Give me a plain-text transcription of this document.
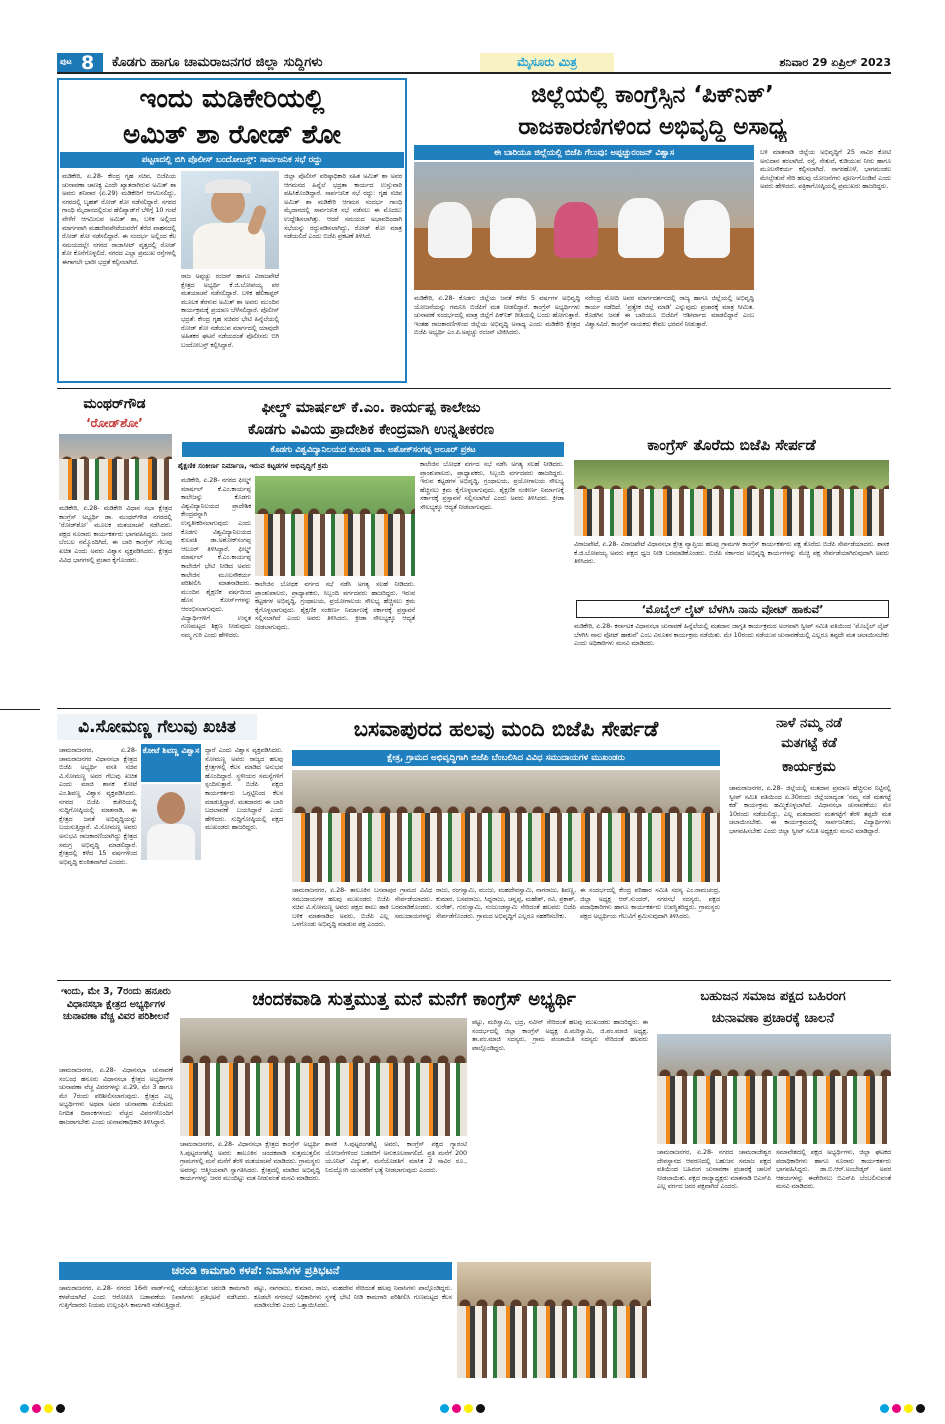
ಪುಟ 8 ಕೊಡಗು ಹಾಗೂ ಚಾಮರಾಜನಗರ ಜಿಲ್ಲಾ ಸುದ್ದಿಗಳು	ಮೈಸೂರು ಮಿತ್ರ	ಶನಿವಾರ 29 ಏಪ್ರಿಲ್ 2023
ಇಂದು ಮಡಿಕೇರಿಯಲ್ಲಿ
ಅಮಿತ್ ಶಾ ರೋಡ್ ಶೋ
ಪಟ್ಟಣದಲ್ಲಿ ಬಿಗಿ ಪೊಲೀಸ್ ಬಂದೋಬಸ್ತ್: ಸಾರ್ವಜನಿಕ ಸಭೆ ರದ್ದು
ಮಡಿಕೇರಿ, ಏ.28- ಕೇಂದ್ರ ಗೃಹ ಸಚಿವ, ಬಿಜೆಪಿಯ ಚುನಾವಣಾ ಚಾಣಕ್ಯ ಎಂದೇ ಖ್ಯಾತರಾಗಿರುವ ಅಮಿತ್ ಶಾ ಅವರು ಶನಿವಾರ (ಏ.29) ಮಡಿಕೇರಿಗೆ ಆಗಮಿಸಲಿದ್ದು, ನಗರದಲ್ಲಿ ಬೃಹತ್ ರೋಡ್ ಶೋ ನಡೆಸಲಿದ್ದಾರೆ. ನಗರದ ಗಾಂಧಿ ಮೈದಾನದಲ್ಲಿರುವ ಹೆಲಿಪ್ಯಾಡ್‌ಗೆ ಬೆಳಿಗ್ಗೆ 10 ಗಂಟೆ ವೇಳೆಗೆ ಆಗಮಿಸುವ ಅಮಿತ್ ಶಾ, ಬಳಿಕ ಅಲ್ಲಿಂದ ಮಾರ್ಗವಾಗಿ ಮಹದೇವಪೇಟೆಯವರೆಗೆ ತೆರೆದ ವಾಹನದಲ್ಲಿ ರೋಡ್ ಶೋ ನಡೆಸಲಿದ್ದಾರೆ. ಈ ಸಂದರ್ಭ ಅಲ್ಲಿಂದ ಕೆಲ ಸಮಯದಲ್ಲೇ ನಗರದ ರಾಜಾಸೀಟ್ ವೃತ್ತದಲ್ಲಿ ರೋಡ್ ಶೋ ಕೊನೆಗೊಳ್ಳಲಿದೆ. ನಗರದ ಎಲ್ಲಾ ಪ್ರಮುಖ ರಸ್ತೆಗಳಲ್ಲಿ ಈಗಾಗಲೇ ಭಾರೀ ಭದ್ರತೆ ಕಲ್ಪಿಸಲಾಗಿದೆ.
ರಾಜ ಅಪ್ಪಚ್ಚು ರಂಜನ್ ಹಾಗೂ ವಿರಾಜಪೇಟೆ ಕ್ಷೇತ್ರದ ಅಭ್ಯರ್ಥಿ ಕೆ.ಜಿ.ಬೋಪಯ್ಯ ಪರ ಮತಯಾಚನೆ ನಡೆಸಲಿದ್ದಾರೆ. ಬಳಿಕ ಹೆಲಿಕಾಪ್ಟರ್ ಮೂಲಕ ತೆರಳುವ ಅಮಿತ್ ಶಾ ಅವರು ಮುಂದಿನ ಕಾರ್ಯಕ್ರಮಕ್ಕೆ ಪ್ರಯಾಣ ಬೆಳೆಸಲಿದ್ದಾರೆ. ಪೊಲೀಸ್ ಭದ್ರತೆ: ಕೇಂದ್ರ ಗೃಹ ಸಚಿವರ ಭೇಟಿ ಹಿನ್ನೆಲೆಯಲ್ಲಿ ರೋಡ್ ಶೋ ನಡೆಯುವ ಮಾರ್ಗದಲ್ಲಿ ಯಾವುದೇ ಅಹಿತಕರ ಘಟನೆ ನಡೆಯದಂತೆ ಪೊಲೀಸರು ಬಿಗಿ ಬಂದೋಬಸ್ತ್ ಕಲ್ಪಿಸಿದ್ದಾರೆ.
ಜಿಲ್ಲಾ ಪೊಲೀಸ್ ವರಿಷ್ಠಾಧಿಕಾರಿ ಸಹಿತ ಅಮಿತ್ ಶಾ ಅವರ ಆಗಮನದ ಹಿನ್ನೆಲೆ ಭದ್ರತಾ ಕಾರ್ಯದ ಉಸ್ತುವಾರಿ ವಹಿಸಿಕೊಂಡಿದ್ದಾರೆ. ಸಾರ್ವಜನಿಕ ಸಭೆ ರದ್ದು: ಗೃಹ ಸಚಿವ ಅಮಿತ್ ಶಾ ಮಡಿಕೇರಿ ಆಗಮನ ಸಂದರ್ಭ ಗಾಂಧಿ ಮೈದಾನದಲ್ಲಿ ಸಾರ್ವಜನಿಕ ಸಭೆ ನಡೆಸಲು ಈ ಮೊದಲು ಉದ್ದೇಶಿಸಲಾಗಿತ್ತು. ಆದರೆ ಸಮಯದ ಅಭಾವದಿಂದಾಗಿ ಸಭೆಯನ್ನು ರದ್ದುಪಡಿಸಲಾಗಿದ್ದು, ರೋಡ್ ಶೋ ಮಾತ್ರ ನಡೆಯಲಿದೆ ಎಂದು ಬಿಜೆಪಿ ಪ್ರಕಟಣೆ ತಿಳಿಸಿದೆ.
ಜಿಲ್ಲೆಯಲ್ಲಿ ಕಾಂಗ್ರೆಸ್ಸಿನ ‘ಪಿಕ್‌ನಿಕ್’
ರಾಜಕಾರಣಿಗಳಿಂದ ಅಭಿವೃದ್ಧಿ ಅಸಾಧ್ಯ
ಈ ಬಾರಿಯೂ ಜಿಲ್ಲೆಯಲ್ಲಿ ಬಿಜೆಪಿ ಗೆಲುವು: ಅಪ್ಪಚ್ಚುರಂಜನ್ ವಿಶ್ವಾಸ
ಮಡಿಕೇರಿ, ಏ.28- ಕೊಡಗು ಜಿಲ್ಲೆಯ ಜನತೆ ಕಳೆದ 5 ವರ್ಷಗಳ ಅಭಿವೃದ್ಧಿ ಯೋಜನೆಯನ್ನು ಗಮನಿಸಿ ಬಿಜೆಪಿಗೆ ಮತ ನೀಡಲಿದ್ದಾರೆ. ಕಾಂಗ್ರೆಸ್ ಅಭ್ಯರ್ಥಿಗಳು ಚುನಾವಣೆ ಸಂದರ್ಭದಲ್ಲಿ ಮಾತ್ರ ಜಿಲ್ಲೆಗೆ ಪಿಕ್‌ನಿಕ್ ರೀತಿಯಲ್ಲಿ ಬಂದು ಹೋಗುತ್ತಾರೆ. ಇಂತಹ ರಾಜಕಾರಣಿಗಳಿಂದ ಜಿಲ್ಲೆಯ ಅಭಿವೃದ್ಧಿ ಅಸಾಧ್ಯ ಎಂದು ಮಡಿಕೇರಿ ಕ್ಷೇತ್ರದ ಬಿಜೆಪಿ ಅಭ್ಯರ್ಥಿ ಎಂ.ಪಿ.ಅಪ್ಪಚ್ಚು ರಂಜನ್ ಟೀಕಿಸಿದರು.
ನರೇಂದ್ರ ಮೋದಿ ಅವರ ಮಾರ್ಗದರ್ಶನದಲ್ಲಿ ರಾಜ್ಯ ಹಾಗೂ ಜಿಲ್ಲೆಯಲ್ಲಿ ಅಭಿವೃದ್ಧಿ ಕಾರ್ಯ ನಡೆದಿದೆ. ‘ಪ್ರತ್ಯೇಕ ಜಿಲ್ಲೆ ಮಾಡಿ’ ಎನ್ನುವುದು ಪ್ರಚಾರಕ್ಕೆ ಮಾತ್ರ ಸೀಮಿತ. ಕೊಡಗಿನ ಜನತೆ ಈ ಬಾರಿಯೂ ಬಿಜೆಪಿಗೆ ಆಶೀರ್ವಾದ ಮಾಡಲಿದ್ದಾರೆ ಎಂಬ ವಿಶ್ವಾಸವಿದೆ. ಕಾಂಗ್ರೆಸ್ ನಾಯಕರು ಕೇವಲ ಭರವಸೆ ನೀಡುತ್ತಾರೆ.
ಬಳಿ ಮಾತನಾಡಿ ಜಿಲ್ಲೆಯ ಅಭಿವೃದ್ಧಿಗೆ 25 ಸಾವಿರ ಕೋಟಿ ಅನುದಾನ ತರಲಾಗಿದೆ. ರಸ್ತೆ, ಸೇತುವೆ, ಕುಡಿಯುವ ನೀರು ಹಾಗೂ ಮೂಲಸೌಕರ್ಯ ಕಲ್ಪಿಸಲಾಗಿದೆ. ನಾಗರಹೊಳೆ, ಭಾಗಮಂಡಲ ಮೇಲ್ಸೇತುವೆ ಸೇರಿ ಹಲವು ಯೋಜನೆಗಳು ಪೂರ್ಣಗೊಂಡಿವೆ ಎಂದು ಅವರು ಹೇಳಿದರು. ಪತ್ರಿಕಾಗೋಷ್ಠಿಯಲ್ಲಿ ಪ್ರಮುಖರು ಹಾಜರಿದ್ದರು.
ಮಂಥರ್‌ಗೌಡ
‘ರೋಡ್‌ಶೋ’
ಮಡಿಕೇರಿ, ಏ.28- ಮಡಿಕೇರಿ ವಿಧಾನ ಸಭಾ ಕ್ಷೇತ್ರದ ಕಾಂಗ್ರೆಸ್ ಅಭ್ಯರ್ಥಿ ಡಾ. ಮಂಥರ್‌ಗೌಡ ನಗರದಲ್ಲಿ ‘ರೋಡ್‌ಶೋ’ ಮೂಲಕ ಮತಯಾಚನೆ ನಡೆಸಿದರು. ಪಕ್ಷದ ನೂರಾರು ಕಾರ್ಯಕರ್ತರು ಭಾಗವಹಿಸಿದ್ದರು. ಜನರ ಬೆಂಬಲ ನಮ್ಮೊಂದಿಗಿದೆ, ಈ ಬಾರಿ ಕಾಂಗ್ರೆಸ್ ಗೆಲುವು ಖಚಿತ ಎಂದು ಅವರು ವಿಶ್ವಾಸ ವ್ಯಕ್ತಪಡಿಸಿದರು. ಕ್ಷೇತ್ರದ ವಿವಿಧ ಭಾಗಗಳಲ್ಲಿ ಪ್ರಚಾರ ಕೈಗೊಂಡರು.
ಫೀಲ್ಡ್ ಮಾರ್ಷಲ್ ಕೆ.ಎಂ. ಕಾರ್ಯಪ್ಪ ಕಾಲೇಜು
ಕೊಡಗು ವಿವಿಯ ಪ್ರಾದೇಶಿಕ ಕೇಂದ್ರವಾಗಿ ಉನ್ನತೀಕರಣ
ಕೊಡಗು ವಿಶ್ವವಿದ್ಯಾನಿಲಯದ ಕುಲಪತಿ ಡಾ. ಅಶೋಕ್‌ಸಂಗಪ್ಪ ಆಲೂರ್ ಪ್ರಕಟ
ಶೈಕ್ಷಣಿಕ ಸಂಕೀರ್ಣ ನಿರ್ಮಾಣ, ಇರುವ ಕಟ್ಟಡಗಳ ಅಭಿವೃದ್ಧಿಗೆ ಕ್ರಮ
ಮಡಿಕೇರಿ, ಏ.28- ನಗರದ ಫೀಲ್ಡ್ ಮಾರ್ಷಲ್ ಕೆ.ಎಂ.ಕಾರ್ಯಪ್ಪ ಕಾಲೇಜನ್ನು ಕೊಡಗು ವಿಶ್ವವಿದ್ಯಾನಿಲಯದ ಪ್ರಾದೇಶಿಕ ಕೇಂದ್ರವನ್ನಾಗಿ ಉನ್ನತೀಕರಿಸಲಾಗುವುದು ಎಂದು ಕೊಡಗು ವಿಶ್ವವಿದ್ಯಾನಿಲಯದ ಕುಲಪತಿ ಡಾ.ಅಶೋಕ್‌ಸಂಗಪ್ಪ ಆಲೂರ್ ತಿಳಿಸಿದ್ದಾರೆ. ಫೀಲ್ಡ್ ಮಾರ್ಷಲ್ ಕೆ.ಎಂ.ಕಾರ್ಯಪ್ಪ ಕಾಲೇಜಿಗೆ ಭೇಟಿ ನೀಡಿದ ಅವರು ಕಾಲೇಜಿನ ಮೂಲಸೌಕರ್ಯ ಪರಿಶೀಲಿಸಿ ಮಾತನಾಡಿದರು. ಮುಂದಿನ ಶೈಕ್ಷಣಿಕ ವರ್ಷದಿಂದ ಹೊಸ ಕೋರ್ಸ್‌ಗಳನ್ನು ಆರಂಭಿಸಲಾಗುವುದು. ವಿದ್ಯಾರ್ಥಿಗಳಿಗೆ ಉನ್ನತ ಗುಣಮಟ್ಟದ ಶಿಕ್ಷಣ ನೀಡುವುದು ನಮ್ಮ ಗುರಿ ಎಂದು ಹೇಳಿದರು.
ಕಾಲೇಜಿನ ಬೋಧಕ ವರ್ಗದ ಸಭೆ ನಡೆಸಿ ಅಗತ್ಯ ಸಲಹೆ ನೀಡಿದರು. ಪ್ರಾಂಶುಪಾಲರು, ಪ್ರಾಧ್ಯಾಪಕರು, ಸಿಬ್ಬಂದಿ ವರ್ಗದವರು ಹಾಜರಿದ್ದರು. ಇರುವ ಕಟ್ಟಡಗಳ ಅಭಿವೃದ್ಧಿ, ಗ್ರಂಥಾಲಯ, ಪ್ರಯೋಗಾಲಯ ಸೌಲಭ್ಯ ಹೆಚ್ಚಿಸಲು ಕ್ರಮ ಕೈಗೊಳ್ಳಲಾಗುವುದು. ಶೈಕ್ಷಣಿಕ ಸಂಕೀರ್ಣ ನಿರ್ಮಾಣಕ್ಕೆ ಸರ್ಕಾರಕ್ಕೆ ಪ್ರಸ್ತಾವನೆ ಸಲ್ಲಿಸಲಾಗಿದೆ ಎಂದು ಅವರು ತಿಳಿಸಿದರು. ಕ್ರೀಡಾ ಸೌಲಭ್ಯಕ್ಕೂ ಆದ್ಯತೆ ನೀಡಲಾಗುವುದು.
ಕಾಲೇಜಿನ ಬೋಧಕ ವರ್ಗದ ಸಭೆ ನಡೆಸಿ ಅಗತ್ಯ ಸಲಹೆ ನೀಡಿದರು. ಪ್ರಾಂಶುಪಾಲರು, ಪ್ರಾಧ್ಯಾಪಕರು, ಸಿಬ್ಬಂದಿ ವರ್ಗದವರು ಹಾಜರಿದ್ದರು. ಇರುವ ಕಟ್ಟಡಗಳ ಅಭಿವೃದ್ಧಿ, ಗ್ರಂಥಾಲಯ, ಪ್ರಯೋಗಾಲಯ ಸೌಲಭ್ಯ ಹೆಚ್ಚಿಸಲು ಕ್ರಮ ಕೈಗೊಳ್ಳಲಾಗುವುದು. ಶೈಕ್ಷಣಿಕ ಸಂಕೀರ್ಣ ನಿರ್ಮಾಣಕ್ಕೆ ಸರ್ಕಾರಕ್ಕೆ ಪ್ರಸ್ತಾವನೆ ಸಲ್ಲಿಸಲಾಗಿದೆ ಎಂದು ಅವರು ತಿಳಿಸಿದರು. ಕ್ರೀಡಾ ಸೌಲಭ್ಯಕ್ಕೂ ಆದ್ಯತೆ ನೀಡಲಾಗುವುದು.
ಕಾಂಗ್ರೆಸ್ ತೊರೆದು ಬಿಜೆಪಿ ಸೇರ್ಪಡೆ
ವಿರಾಜಪೇಟೆ, ಏ.28- ವಿರಾಜಪೇಟೆ ವಿಧಾನಸಭಾ ಕ್ಷೇತ್ರ ವ್ಯಾಪ್ತಿಯ ಹಲವು ಗ್ರಾಮಗಳ ಕಾಂಗ್ರೆಸ್ ಕಾರ್ಯಕರ್ತರು ಪಕ್ಷ ತೊರೆದು ಬಿಜೆಪಿ ಸೇರ್ಪಡೆಯಾದರು. ಶಾಸಕ ಕೆ.ಜಿ.ಬೋಪಯ್ಯ ಅವರು ಪಕ್ಷದ ಧ್ವಜ ನೀಡಿ ಬರಮಾಡಿಕೊಂಡರು. ಬಿಜೆಪಿ ಸರ್ಕಾರದ ಅಭಿವೃದ್ಧಿ ಕಾರ್ಯಗಳನ್ನು ಮೆಚ್ಚಿ ಪಕ್ಷ ಸೇರ್ಪಡೆಯಾಗಿರುವುದಾಗಿ ಅವರು ತಿಳಿಸಿದರು.
‘ಮೊಬೈಲ್ ಲೈಟ್ ಬೆಳಗಿಸಿ ನಾನು ವೋಟ್ ಹಾಕುವೆ’
ಮಡಿಕೇರಿ, ಏ.28- ಕರ್ನಾಟಕ ವಿಧಾನಸಭಾ ಚುನಾವಣೆ ಹಿನ್ನೆಲೆಯಲ್ಲಿ ಮತದಾನ ಜಾಗೃತಿ ಕಾರ್ಯಕ್ರಮದ ಅಂಗವಾಗಿ ಸ್ವೀಪ್ ಸಮಿತಿ ವತಿಯಿಂದ ‘ಮೊಬೈಲ್ ಲೈಟ್ ಬೆಳಗಿಸಿ ನಾನು ವೋಟ್ ಹಾಕುವೆ’ ಎಂಬ ವಿನೂತನ ಕಾರ್ಯಕ್ರಮ ನಡೆಯಿತು. ಮೇ 10ರಂದು ನಡೆಯುವ ಚುನಾವಣೆಯಲ್ಲಿ ಎಲ್ಲರೂ ತಪ್ಪದೇ ಮತ ಚಲಾಯಿಸಬೇಕು ಎಂದು ಅಧಿಕಾರಿಗಳು ಮನವಿ ಮಾಡಿದರು.
ವಿ.ಸೋಮಣ್ಣ ಗೆಲುವು ಖಚಿತ
ಕೋಟೆ ಶಿವಣ್ಣ ವಿಶ್ವಾಸ
ಚಾಮರಾಜನಗರ, ಏ.28- ಚಾಮರಾಜನಗರ ವಿಧಾನಸಭಾ ಕ್ಷೇತ್ರದ ಬಿಜೆಪಿ ಅಭ್ಯರ್ಥಿ ವಸತಿ ಸಚಿವ ವಿ.ಸೋಮಣ್ಣ ಅವರ ಗೆಲುವು ಖಚಿತ ಎಂದು ಮಾಜಿ ಶಾಸಕ ಕೋಟೆ ಎಂ.ಶಿವಣ್ಣ ವಿಶ್ವಾಸ ವ್ಯಕ್ತಪಡಿಸಿದರು. ನಗರದ ಬಿಜೆಪಿ ಕಚೇರಿಯಲ್ಲಿ ಸುದ್ದಿಗೋಷ್ಠಿಯಲ್ಲಿ ಮಾತನಾಡಿ, ಈ ಕ್ಷೇತ್ರದ ಜನತೆ ಅಭಿವೃದ್ಧಿಯನ್ನು ಬಯಸುತ್ತಿದ್ದಾರೆ. ವಿ.ಸೋಮಣ್ಣ ಅವರು ಅನುಭವಿ ರಾಜಕಾರಣಿಯಾಗಿದ್ದು ಕ್ಷೇತ್ರದ ಸಮಗ್ರ ಅಭಿವೃದ್ಧಿ ಮಾಡಲಿದ್ದಾರೆ. ಕ್ಷೇತ್ರದಲ್ಲಿ ಕಳೆದ 15 ವರ್ಷಗಳಿಂದ ಅಭಿವೃದ್ಧಿ ಕುಂಠಿತವಾಗಿದೆ ಎಂದರು.
ದ್ದಾರೆ ಎಂದು ವಿಶ್ವಾಸ ವ್ಯಕ್ತಪಡಿಸಿದರು. ಸೋಮಣ್ಣ ಅವರು ರಾಜ್ಯದ ಹಲವು ಕ್ಷೇತ್ರಗಳಲ್ಲಿ ಕೆಲಸ ಮಾಡಿದ ಅನುಭವ ಹೊಂದಿದ್ದಾರೆ. ಸ್ಥಳೀಯರ ಸಮಸ್ಯೆಗಳಿಗೆ ಸ್ಪಂದಿಸುತ್ತಾರೆ. ಬಿಜೆಪಿ ಪಕ್ಷದ ಕಾರ್ಯಕರ್ತರು ಒಗ್ಗಟ್ಟಿನಿಂದ ಕೆಲಸ ಮಾಡುತ್ತಿದ್ದಾರೆ. ಮತದಾರರು ಈ ಬಾರಿ ಬದಲಾವಣೆ ಬಯಸಿದ್ದಾರೆ ಎಂದು ಹೇಳಿದರು. ಸುದ್ದಿಗೋಷ್ಠಿಯಲ್ಲಿ ಪಕ್ಷದ ಮುಖಂಡರು ಹಾಜರಿದ್ದರು.
ಬಸವಾಪುರದ ಹಲವು ಮಂದಿ ಬಿಜೆಪಿ ಸೇರ್ಪಡೆ
ಕ್ಷೇತ್ರ, ಗ್ರಾಮದ ಅಭಿವೃದ್ಧಿಗಾಗಿ ಬಿಜೆಪಿ ಬೆಂಬಲಿಸಿದ ವಿವಿಧ ಸಮುದಾಯಗಳ ಮುಖಂಡರು
ಚಾಮರಾಜನಗರ, ಏ.28- ತಾಲೂಕಿನ ಬಸವಾಪುರ ಗ್ರಾಮದ ವಿವಿಧ ಸಮುದಾಯಗಳ ಹಲವು ಮುಖಂಡರು ಬಿಜೆಪಿ ಸೇರ್ಪಡೆಯಾದರು. ಸಚಿವ ವಿ.ಸೋಮಣ್ಣ ಅವರು ಪಕ್ಷದ ಶಾಲು ಹಾಕಿ ಬರಮಾಡಿಕೊಂಡರು. ಬಳಿಕ ಮಾತನಾಡಿದ ಅವರು, ಬಿಜೆಪಿ ಎಲ್ಲ ಸಮುದಾಯಗಳನ್ನು ಒಳಗೊಂಡು ಅಭಿವೃದ್ಧಿ ಮಾಡುವ ಪಕ್ಷ ಎಂದರು.
ರಾಜು, ರಂಗಸ್ವಾಮಿ, ಮಂಜು, ಮಹದೇವಸ್ವಾಮಿ, ನಾಗರಾಜು, ಶಿವಣ್ಣ, ಕುಮಾರ, ಬಸವರಾಜು, ಸಿದ್ದರಾಜು, ಚನ್ನಪ್ಪ, ಮಹೇಶ್, ರವಿ, ಪ್ರಕಾಶ್, ಸುರೇಶ್, ಗುರುಸ್ವಾಮಿ, ನಂಜುಂಡಸ್ವಾಮಿ ಸೇರಿದಂತೆ ಹಲವರು ಬಿಜೆಪಿ ಸೇರ್ಪಡೆಗೊಂಡರು. ಗ್ರಾಮದ ಅಭಿವೃದ್ಧಿಗೆ ಎಲ್ಲರೂ ಸಹಕರಿಸಬೇಕು.
ಈ ಸಂದರ್ಭದಲ್ಲಿ ಕೇಂದ್ರ ಪರಿಹಾರ ಸಮಿತಿ ಸದಸ್ಯ ಎಂ.ರಾಮಚಂದ್ರ, ಜಿಲ್ಲಾ ಅಧ್ಯಕ್ಷ ಆರ್.ಸುಂದರ್, ನಗರಸಭೆ ಸದಸ್ಯರು, ಪಕ್ಷದ ಪದಾಧಿಕಾರಿಗಳು ಹಾಗೂ ಕಾರ್ಯಕರ್ತರು ಉಪಸ್ಥಿತರಿದ್ದರು. ಗ್ರಾಮಸ್ಥರು ಪಕ್ಷದ ಅಭ್ಯರ್ಥಿಯ ಗೆಲುವಿಗೆ ಶ್ರಮಿಸುವುದಾಗಿ ತಿಳಿಸಿದರು.
ನಾಳೆ ನಮ್ಮ ನಡೆ
ಮತಗಟ್ಟೆ ಕಡೆ
ಕಾರ್ಯಕ್ರಮ
ಚಾಮರಾಜನಗರ, ಏ.28- ಜಿಲ್ಲೆಯಲ್ಲಿ ಮತದಾನ ಪ್ರಮಾಣ ಹೆಚ್ಚಿಸುವ ನಿಟ್ಟಿನಲ್ಲಿ ಸ್ವೀಪ್ ಸಮಿತಿ ವತಿಯಿಂದ ಏ.30ರಂದು ಜಿಲ್ಲೆಯಾದ್ಯಂತ ‘ನಮ್ಮ ನಡೆ ಮತಗಟ್ಟೆ ಕಡೆ’ ಕಾರ್ಯಕ್ರಮ ಹಮ್ಮಿಕೊಳ್ಳಲಾಗಿದೆ. ವಿಧಾನಸಭಾ ಚುನಾವಣೆಯು ಮೇ 10ರಂದು ನಡೆಯಲಿದ್ದು, ಎಲ್ಲ ಮತದಾರರು ಮತಗಟ್ಟೆಗೆ ತೆರಳಿ ತಪ್ಪದೇ ಮತ ಚಲಾಯಿಸಬೇಕು. ಈ ಕಾರ್ಯಕ್ರಮದಲ್ಲಿ ಸಾರ್ವಜನಿಕರು, ವಿದ್ಯಾರ್ಥಿಗಳು ಭಾಗವಹಿಸಬೇಕು ಎಂದು ಜಿಲ್ಲಾ ಸ್ವೀಪ್ ಸಮಿತಿ ಅಧ್ಯಕ್ಷರು ಮನವಿ ಮಾಡಿದ್ದಾರೆ.
ಇಂದು, ಮೇ 3, 7ರಂದು ಹನೂರು ವಿಧಾನಸಭಾ ಕ್ಷೇತ್ರದ ಅಭ್ಯರ್ಥಿಗಳ ಚುನಾವಣಾ ವೆಚ್ಚ ವಿವರ ಪರಿಶೀಲನೆ
ಚಾಮರಾಜನಗರ, ಏ.28- ವಿಧಾನಸಭಾ ಚುನಾವಣೆ ಸಂಬಂಧ ಹನೂರು ವಿಧಾನಸಭಾ ಕ್ಷೇತ್ರದ ಅಭ್ಯರ್ಥಿಗಳ ಚುನಾವಣಾ ವೆಚ್ಚ ವಿವರಗಳನ್ನು ಏ.29, ಮೇ 3 ಹಾಗೂ ಮೇ 7ರಂದು ಪರಿಶೀಲಿಸಲಾಗುವುದು. ಕ್ಷೇತ್ರದ ಎಲ್ಲ ಅಭ್ಯರ್ಥಿಗಳು ಅಥವಾ ಅವರ ಚುನಾವಣಾ ಏಜೆಂಟರು ನಿಗದಿತ ದಿನಾಂಕಗಳಂದು ವೆಚ್ಚದ ವಿವರಗಳೊಂದಿಗೆ ಹಾಜರಾಗಬೇಕು ಎಂದು ಚುನಾವಣಾಧಿಕಾರಿ ತಿಳಿಸಿದ್ದಾರೆ.
ಚಂದಕವಾಡಿ ಸುತ್ತಮುತ್ತ ಮನೆ ಮನೆಗೆ ಕಾಂಗ್ರೆಸ್ ಅಭ್ಯರ್ಥಿ
ಚಾಮರಾಜನಗರ, ಏ.28- ವಿಧಾನಸಭಾ ಕ್ಷೇತ್ರದ ಕಾಂಗ್ರೆಸ್ ಅಭ್ಯರ್ಥಿ ಸಿ.ಪುಟ್ಟರಂಗಶೆಟ್ಟಿ ಅವರು ತಾಲೂಕಿನ ಚಂದಕವಾಡಿ ಸುತ್ತಮುತ್ತಲಿನ ಗ್ರಾಮಗಳಲ್ಲಿ ಮನೆ ಮನೆಗೆ ತೆರಳಿ ಮತಯಾಚನೆ ಮಾಡಿದರು. ಗ್ರಾಮಸ್ಥರು ಅವರನ್ನು ಆತ್ಮೀಯವಾಗಿ ಸ್ವಾಗತಿಸಿದರು. ಕ್ಷೇತ್ರದಲ್ಲಿ ಮಾಡಿದ ಅಭಿವೃದ್ಧಿ ಕಾರ್ಯಗಳನ್ನು ಜನರ ಮುಂದಿಟ್ಟು ಮತ ನೀಡುವಂತೆ ಮನವಿ ಮಾಡಿದರು.
ಶಾಸಕ ಸಿ.ಪುಟ್ಟರಂಗಶೆಟ್ಟಿ ಅವರು, ಕಾಂಗ್ರೆಸ್ ಪಕ್ಷದ ಗ್ಯಾರಂಟಿ ಯೋಜನೆಗಳಿಂದ ಬಡವರಿಗೆ ಅನುಕೂಲವಾಗಲಿದೆ. ಪ್ರತಿ ಮನೆಗೆ 200 ಯೂನಿಟ್ ವಿದ್ಯುತ್, ಮನೆಯೊಡತಿಗೆ ಮಾಸಿಕ 2 ಸಾವಿರ ರೂ., ನಿರುದ್ಯೋಗಿ ಯುವಕರಿಗೆ ಭತ್ಯೆ ನೀಡಲಾಗುವುದು ಎಂದರು.
ಪಟ್ಟು, ಮರಿಸ್ವಾಮಿ, ಭದ್ರ, ನವೀನ್ ಸೇರಿದಂತೆ ಹಲವು ಮುಖಂಡರು ಹಾಜರಿದ್ದರು. ಈ ಸಂದರ್ಭದಲ್ಲಿ ಜಿಲ್ಲಾ ಕಾಂಗ್ರೆಸ್ ಅಧ್ಯಕ್ಷ ಪಿ.ಮರಿಸ್ವಾಮಿ, ಜಿ.ಪಂ.ಮಾಜಿ ಅಧ್ಯಕ್ಷ, ತಾ.ಪಂ.ಮಾಜಿ ಸದಸ್ಯರು, ಗ್ರಾಮ ಪಂಚಾಯಿತಿ ಸದಸ್ಯರು ಸೇರಿದಂತೆ ಹಲವರು ಪಾಲ್ಗೊಂಡಿದ್ದರು.
ಬಹುಜನ ಸಮಾಜ ಪಕ್ಷದ ಬಹಿರಂಗ
ಚುನಾವಣಾ ಪ್ರಚಾರಕ್ಕೆ ಚಾಲನೆ
ಚಾಮರಾಜನಗರ, ಏ.28- ನಗರದ ಚಾಮರಾಜೇಶ್ವರ ದೇವಸ್ಥಾನದ ಆವರಣದಲ್ಲಿ ಬಹುಜನ ಸಮಾಜ ಪಕ್ಷದ ವತಿಯಿಂದ ಬಹಿರಂಗ ಚುನಾವಣಾ ಪ್ರಚಾರಕ್ಕೆ ಚಾಲನೆ ನೀಡಲಾಯಿತು. ಪಕ್ಷದ ರಾಜ್ಯಾಧ್ಯಕ್ಷರು ಮಾತನಾಡಿ ಬಿಎಸ್‌ಪಿ ಎಲ್ಲ ವರ್ಗದ ಜನರ ಪಕ್ಷವಾಗಿದೆ ಎಂದರು.
ಸಮಾವೇಶದಲ್ಲಿ ಪಕ್ಷದ ಅಭ್ಯರ್ಥಿಗಳು, ಜಿಲ್ಲಾ ಘಟಕದ ಪದಾಧಿಕಾರಿಗಳು ಹಾಗೂ ನೂರಾರು ಕಾರ್ಯಕರ್ತರು ಭಾಗವಹಿಸಿದ್ದರು. ಡಾ.ಬಿ.ಆರ್.ಅಂಬೇಡ್ಕರ್ ಅವರ ಆಶಯಗಳನ್ನು ಈಡೇರಿಸಲು ಬಿಎಸ್‌ಪಿ ಬೆಂಬಲಿಸುವಂತೆ ಮನವಿ ಮಾಡಿದರು.
ಚರಂಡಿ ಕಾಮಗಾರಿ ಕಳಪೆ: ನಿವಾಸಿಗಳ ಪ್ರತಿಭಟನೆ
ಚಾಮರಾಜನಗರ, ಏ.28- ನಗರದ 16ನೇ ವಾರ್ಡ್‌ನಲ್ಲಿ ನಡೆಯುತ್ತಿರುವ ಚರಂಡಿ ಕಾಮಗಾರಿ ಕಳಪೆಯಾಗಿದೆ ಎಂದು ಆರೋಪಿಸಿ ಬಡಾವಣೆಯ ನಿವಾಸಿಗಳು ಪ್ರತಿಭಟನೆ ನಡೆಸಿದರು. ಗುತ್ತಿಗೆದಾರರು ನಿಯಮ ಉಲ್ಲಂಘಿಸಿ ಕಾಮಗಾರಿ ನಡೆಸುತ್ತಿದ್ದಾರೆ.
ಪಟ್ಟು, ನಾಗರಾಜು, ಕುಮಾರ, ರಾಜು, ಮಹದೇವ ಸೇರಿದಂತೆ ಹಲವು ನಿವಾಸಿಗಳು ಪಾಲ್ಗೊಂಡಿದ್ದರು. ಕೂಡಲೇ ನಗರಸಭೆ ಅಧಿಕಾರಿಗಳು ಸ್ಥಳಕ್ಕೆ ಭೇಟಿ ನೀಡಿ ಕಾಮಗಾರಿ ಪರಿಶೀಲಿಸಿ ಗುಣಮಟ್ಟದ ಕೆಲಸ ಮಾಡಿಸಬೇಕು ಎಂದು ಒತ್ತಾಯಿಸಿದರು.
